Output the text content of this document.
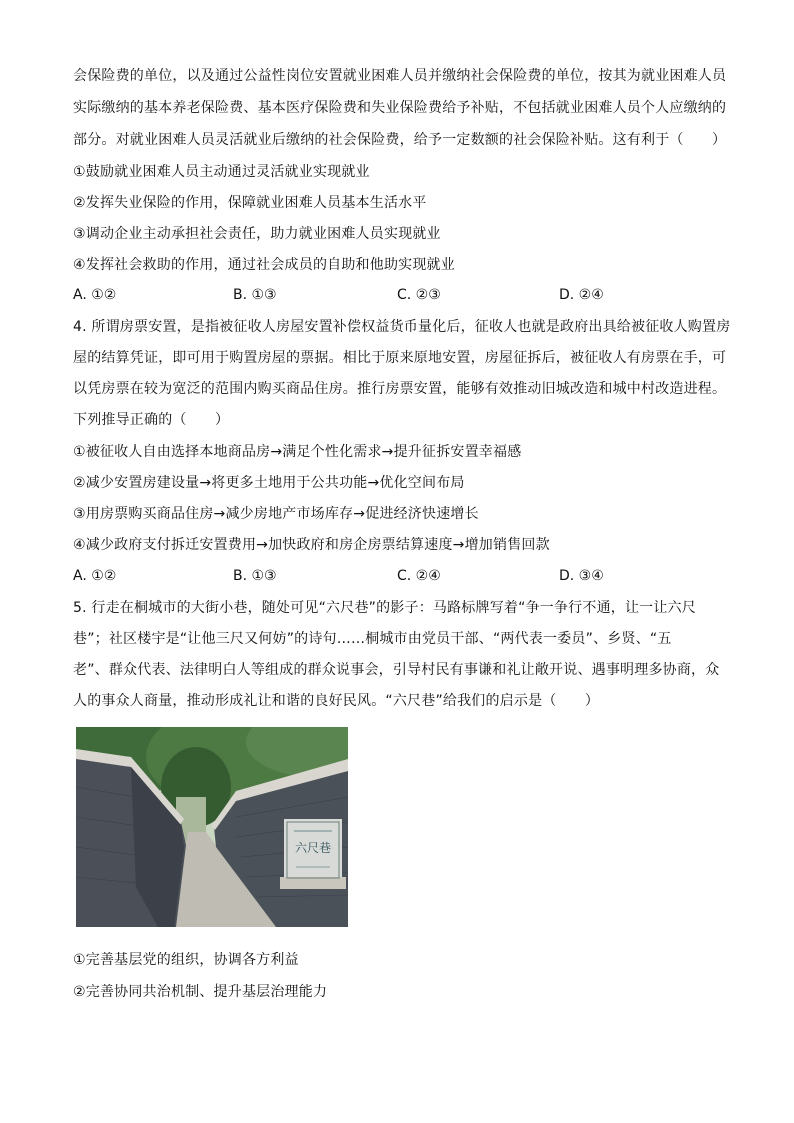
会保险费的单位，以及通过公益性岗位安置就业困难人员并缴纳社会保险费的单位，按其为就业困难人员
实际缴纳的基本养老保险费、基本医疗保险费和失业保险费给予补贴，不包括就业困难人员个人应缴纳的
部分。对就业困难人员灵活就业后缴纳的社会保险费，给予一定数额的社会保险补贴。这有利于（　　）
①鼓励就业困难人员主动通过灵活就业实现就业
②发挥失业保险的作用，保障就业困难人员基本生活水平
③调动企业主动承担社会责任，助力就业困难人员实现就业
④发挥社会救助的作用，通过社会成员的自助和他助实现就业
A. ①②	B. ①③	C. ②③	D. ②④
4. 所谓房票安置，是指被征收人房屋安置补偿权益货币量化后，征收人也就是政府出具给被征收人购置房
屋的结算凭证，即可用于购置房屋的票据。相比于原来原地安置，房屋征拆后，被征收人有房票在手，可
以凭房票在较为宽泛的范围内购买商品住房。推行房票安置，能够有效推动旧城改造和城中村改造进程。
下列推导正确的（　　）
①被征收人自由选择本地商品房→满足个性化需求→提升征拆安置幸福感
②减少安置房建设量→将更多土地用于公共功能→优化空间布局
③用房票购买商品住房→减少房地产市场库存→促进经济快速增长
④减少政府支付拆迁安置费用→加快政府和房企房票结算速度→增加销售回款
A. ①②	B. ①③	C. ②④	D. ③④
5. 行走在桐城市的大街小巷，随处可见“六尺巷”的影子：马路标牌写着“争一争行不通，让一让六尺
巷”；社区楼宇是“让他三尺又何妨”的诗句……桐城市由党员干部、“两代表一委员”、乡贤、“五
老”、群众代表、法律明白人等组成的群众说事会，引导村民有事谦和礼让敞开说、遇事明理多协商，众
人的事众人商量，推动形成礼让和谐的良好民风。“六尺巷”给我们的启示是（　　）
六尺巷
①完善基层党的组织，协调各方利益
②完善协同共治机制、提升基层治理能力
